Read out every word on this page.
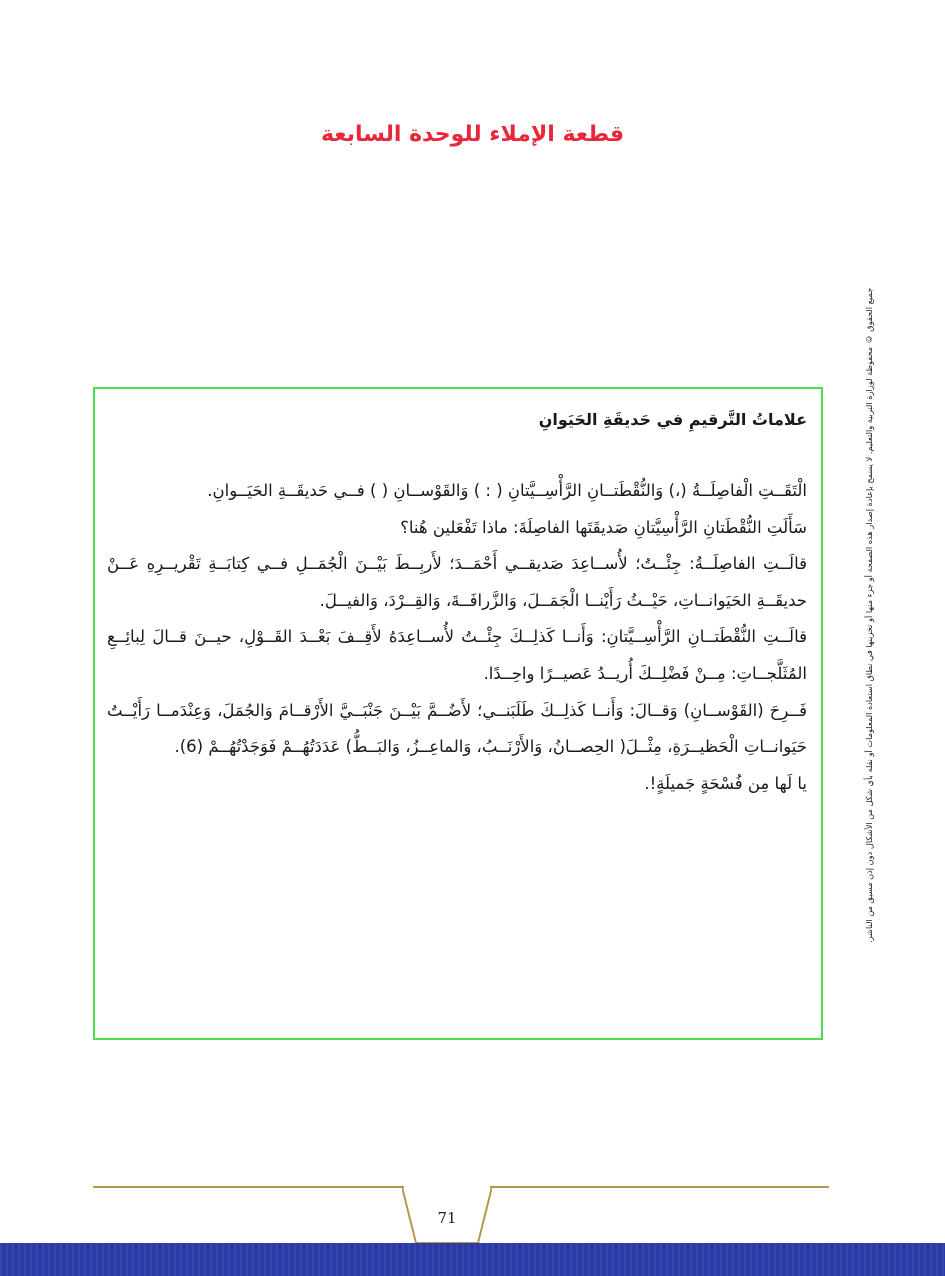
قطعة الإملاء للوحدة السابعة
جميع الحقوق © محفوظة لوزارة التربية والتعليم. لا يسمح بإعادة إصدار هذه الصفحة أو جزء منها أو تخزينها في نطاق استعادة المعلومات أو نقله بأي شكل من الأشكال دون إذن مسبق من الناشر.

علاماتُ التَّرقيمِ في حَديقَةِ الحَيَوانِ

الْتَقَــتِ الْفاصِلَــةُ (،) وَالنُّقْطَتــانِ الرَّأْسِــيَّتانِ ( : ) وَالقَوْســانِ ( ) فــي حَديقَــةِ الحَيَــوانِ.

سَأَلَتِ النُّقْطَتانِ الرَّأْسِيَّتانِ صَديقَتَها الفاصِلَةَ: ماذا تَفْعَلين هُنا؟

قالَــتِ الفاصِلَــةُ: جِئْــتُ؛ لأُســاعِدَ صَديقــي أَحْمَــدَ؛ لأَربِــطَ بَيْــنَ الْجُمَــلِ فــي كِتابَــةِ تَقْريــرِهِ عَــنْ حديقَــةِ الحَيَوانــاتِ، حَيْــثُ رَأَيْنــا الْجَمَــلَ، وَالزَّرافَــةَ، وَالقِــرْدَ، وَالفيــلَ.

قالَــتِ النُّقْطَتــانِ الرَّأْسِــيَّتانِ: وَأَنــا كَذلِــكَ جِئْــتُ لأُســاعِدَهُ لأَقِــفَ بَعْــدَ القَــوْلِ، حيــنَ قــالَ لِبائِــعِ المُثَلَّجــاتِ: مِــنْ فَضْلِــكَ أُريــدُ عَصيــرًا واحِــدًا.

فَــرِحَ (القَوْســانِ) وَقــالَ: وَأَنــا كَذلِــكَ طَلَبَنــي؛ لأَضُــمَّ بَيْــنَ جَنْبَــيَّ الأَرْقــامَ وَالجُمَلَ، وَعِنْدَمــا رَأَيْــتُ حَيَوانــاتِ الْحَظيــرَةِ، مِثْــلَ( الحِصــانُ، وَالأَرْنَــبُ، وَالماعِــزُ، وَالبَــطُّ) عَدَدَتُهُــمْ فَوَجَدْتُهُــمْ (6).

يا لَها مِن فُسْحَةٍ جَميلَةٍ!.

71
